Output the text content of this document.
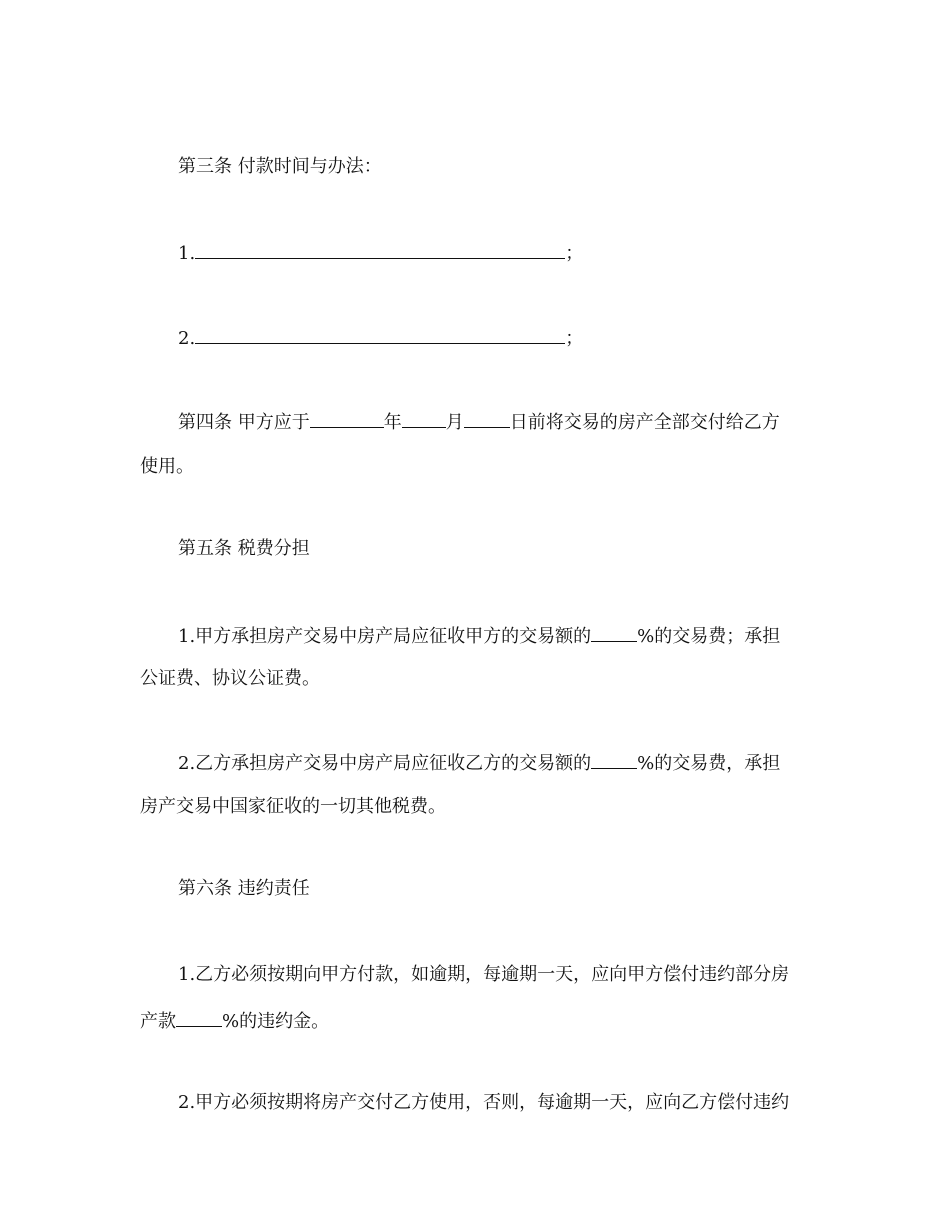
第三条 付款时间与办法：
1.	；
2.	；
第四条 甲方应于	年 月	日前将交易的房产全部交付给乙方
使用。
第五条 税费分担
1.甲方承担房产交易中房产局应征收甲方的交易额的	%的交易费；承担
公证费、协议公证费。
2.乙方承担房产交易中房产局应征收乙方的交易额的	%的交易费，承担
房产交易中国家征收的一切其他税费。
第六条 违约责任
1.乙方必须按期向甲方付款，如逾期，每逾期一天，应向甲方偿付违约部分房
产款	%的违约金。
2.甲方必须按期将房产交付乙方使用，否则，每逾期一天，应向乙方偿付违约
